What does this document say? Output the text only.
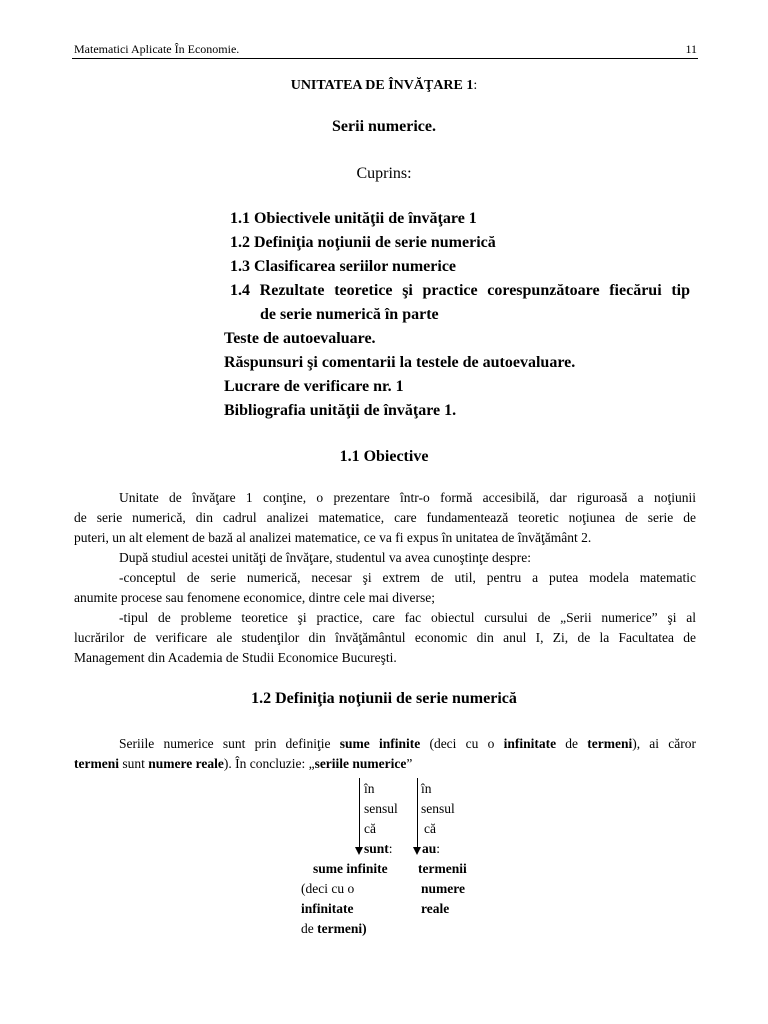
Matematici Aplicate În Economie.	11
UNITATEA DE ÎNVĂŢARE 1:
Serii numerice.
Cuprins:
1.1 Obiectivele unităţii de învăţare 1
1.2 Definiţia noţiunii de serie numerică
1.3 Clasificarea seriilor numerice
1.4 Rezultate teoretice şi practice corespunzătoare fiecărui tip
de serie numerică în parte
Teste de autoevaluare.
Răspunsuri şi comentarii la testele de autoevaluare.
Lucrare de verificare nr. 1
Bibliografia unităţii de învăţare 1.
1.1 Obiective
Unitate de învăţare 1 conţine, o prezentare într-o formă accesibilă, dar riguroasă a noţiunii
de serie numerică, din cadrul analizei matematice, care fundamentează teoretic noţiunea de serie de
puteri, un alt element de bază al analizei matematice, ce va fi expus în unitatea de învăţământ 2.
După studiul acestei unităţi de învăţare, studentul va avea cunoştinţe despre:
-conceptul de serie numerică, necesar şi extrem de util, pentru a putea modela matematic
anumite procese sau fenomene economice, dintre cele mai diverse;
-tipul de probleme teoretice şi practice, care fac obiectul cursului de „Serii numerice” şi al
lucrărilor de verificare ale studenţilor din învăţământul economic din anul I, Zi, de la Facultatea de
Management din Academia de Studii Economice Bucureşti.
1.2 Definiţia noţiunii de serie numerică
Seriile numerice sunt prin definiţie sume infinite (deci cu o infinitate de termeni), ai căror
termeni sunt numere reale). În concluzie: „seriile numerice”
în
sensul
că
sunt:
în
sensul
că
au:
sume infinite
(deci cu o
infinitate
de termeni)
termenii
numere
reale
